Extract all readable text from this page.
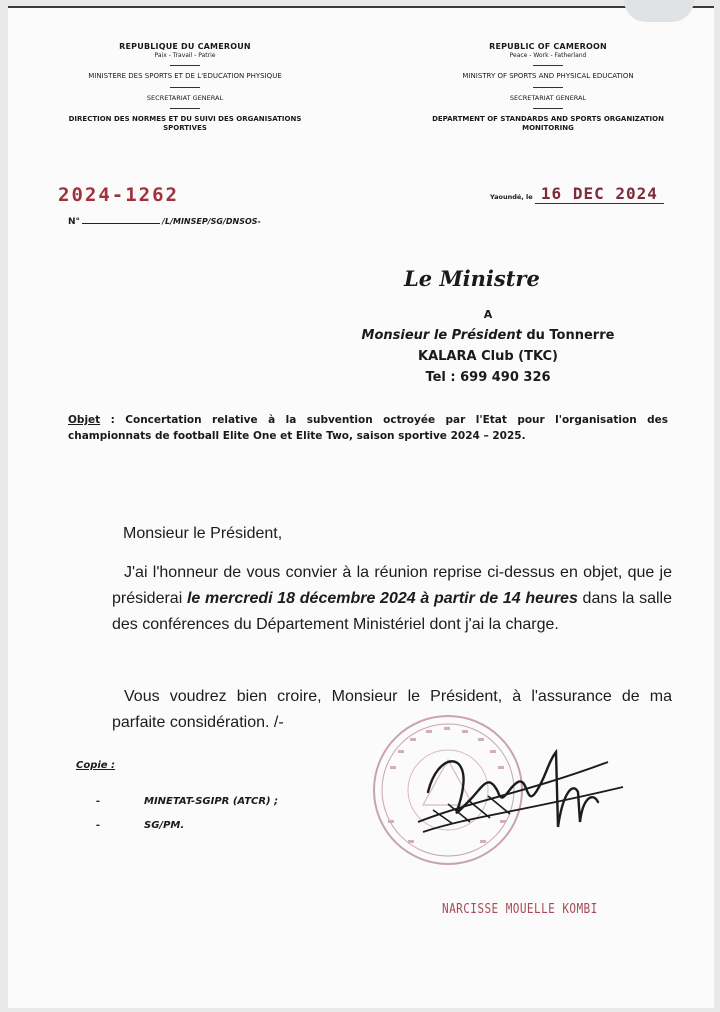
REPUBLIQUE DU CAMEROUN
Paix - Travail - Patrie
MINISTERE DES SPORTS ET DE L'EDUCATION PHYSIQUE
SECRETARIAT GENERAL
DIRECTION DES NORMES ET DU SUIVI DES ORGANISATIONS SPORTIVES
REPUBLIC OF CAMEROON
Peace - Work - Fatherland
MINISTRY OF SPORTS AND PHYSICAL EDUCATION
SECRETARIAT GENERAL
DEPARTMENT OF STANDARDS AND SPORTS ORGANIZATION MONITORING
2024-1262
N°	/L/MINSEP/SG/DNSOS-
Yaoundé, le 16 DEC 2024
Le Ministre
A
Monsieur le Président du Tonnerre
KALARA Club (TKC)
Tel : 699 490 326
Objet : Concertation relative à la subvention octroyée par l'Etat pour l'organisation des championnats de football Elite One et Elite Two, saison sportive 2024 – 2025.
Monsieur le Président,
J'ai l'honneur de vous convier à la réunion reprise ci-dessus en objet, que je présiderai le mercredi 18 décembre 2024 à partir de 14 heures dans la salle des conférences du Département Ministériel dont j'ai la charge.
Vous voudrez bien croire, Monsieur le Président, à l'assurance de ma parfaite considération. /-
Copie :
-	MINETAT-SGIPR (ATCR) ;
-	SG/PM.
NARCISSE MOUELLE KOMBI
